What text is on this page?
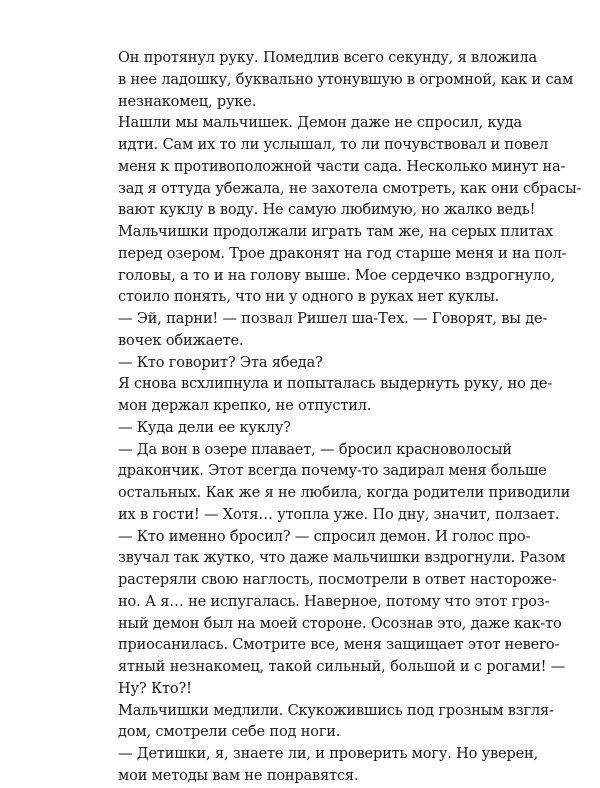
Он протянул руку. Помедлив всего секунду, я вложила
в нее ладошку, буквально утонувшую в огромной, как и сам
незнакомец, руке.
Нашли мы мальчишек. Демон даже не спросил, куда
идти. Сам их то ли услышал, то ли почувствовал и повел
меня к противоположной части сада. Несколько минут на-
зад я оттуда убежала, не захотела смотреть, как они сбрасы-
вают куклу в воду. Не самую любимую, но жалко ведь!
Мальчишки продолжали играть там же, на серых плитах
перед озером. Трое драконят на год старше меня и на пол-
головы, а то и на голову выше. Мое сердечко вздрогнуло,
стоило понять, что ни у одного в руках нет куклы.
— Эй, парни! — позвал Ришел ша-Тех. — Говорят, вы де-
вочек обижаете.
— Кто говорит? Эта ябеда?
Я снова всхлипнула и попыталась выдернуть руку, но де-
мон держал крепко, не отпустил.
— Куда дели ее куклу?
— Да вон в озере плавает, — бросил красноволосый
дракончик. Этот всегда почему-то задирал меня больше
остальных. Как же я не любила, когда родители приводили
их в гости! — Хотя… утопла уже. По дну, значит, ползает.
— Кто именно бросил? — спросил демон. И голос про-
звучал так жутко, что даже мальчишки вздрогнули. Разом
растеряли свою наглость, посмотрели в ответ настороже-
но. А я… не испугалась. Наверное, потому что этот гроз-
ный демон был на моей стороне. Осознав это, даже как-то
приосанилась. Смотрите все, меня защищает этот невero-
ятный незнакомец, такой сильный, большой и с рогами! —
Ну? Кто?!
Мальчишки медлили. Скукожившись под грозным взгля-
дом, смотрели себе под ноги.
— Детишки, я, знаете ли, и проверить могу. Но уверен,
мои методы вам не понравятся.
